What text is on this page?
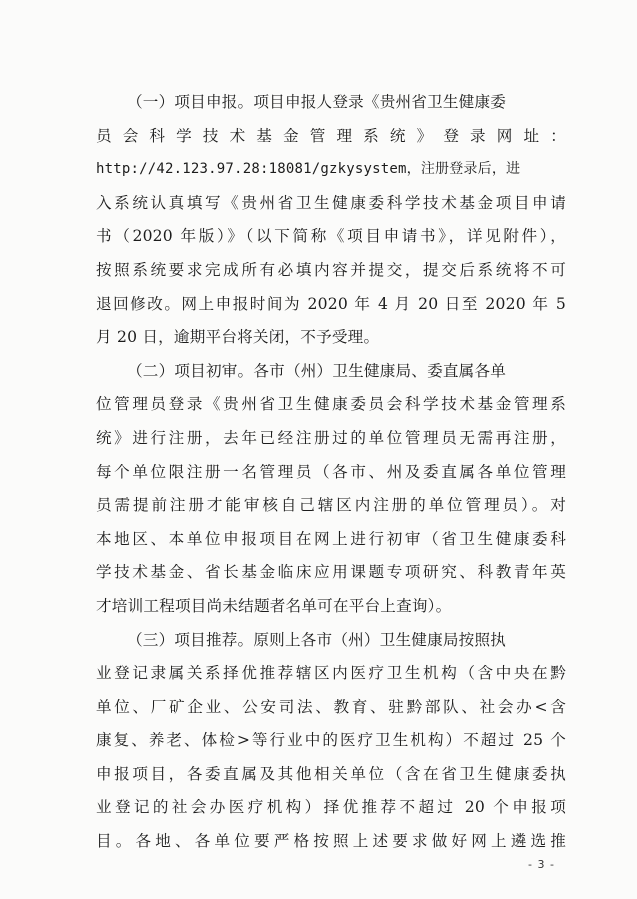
（一）项目申报。项目申报人登录《贵州省卫生健康委
员会科学技术基金管理系统》登录网址：
http://42.123.97.28:18081/gzkysystem，注册登录后，进
入系统认真填写《贵州省卫生健康委科学技术基金项目申请
书（2020 年版）》（以下简称《项目申请书》，详见附件），
按照系统要求完成所有必填内容并提交，提交后系统将不可
退回修改。网上申报时间为 2020 年 4 月 20 日至 2020 年 5
月 20 日，逾期平台将关闭，不予受理。
（二）项目初审。各市（州）卫生健康局、委直属各单
位管理员登录《贵州省卫生健康委员会科学技术基金管理系
统》进行注册，去年已经注册过的单位管理员无需再注册，
每个单位限注册一名管理员（各市、州及委直属各单位管理
员需提前注册才能审核自己辖区内注册的单位管理员）。对
本地区、本单位申报项目在网上进行初审（省卫生健康委科
学技术基金、省长基金临床应用课题专项研究、科教青年英
才培训工程项目尚未结题者名单可在平台上查询）。
（三）项目推荐。原则上各市（州）卫生健康局按照执
业登记隶属关系择优推荐辖区内医疗卫生机构（含中央在黔
单位、厂矿企业、公安司法、教育、驻黔部队、社会办<含
康复、养老、体检>等行业中的医疗卫生机构）不超过 25 个
申报项目，各委直属及其他相关单位（含在省卫生健康委执
业登记的社会办医疗机构）择优推荐不超过 20 个申报项
目。各地、各单位要严格按照上述要求做好网上遴选推
- 3 -
